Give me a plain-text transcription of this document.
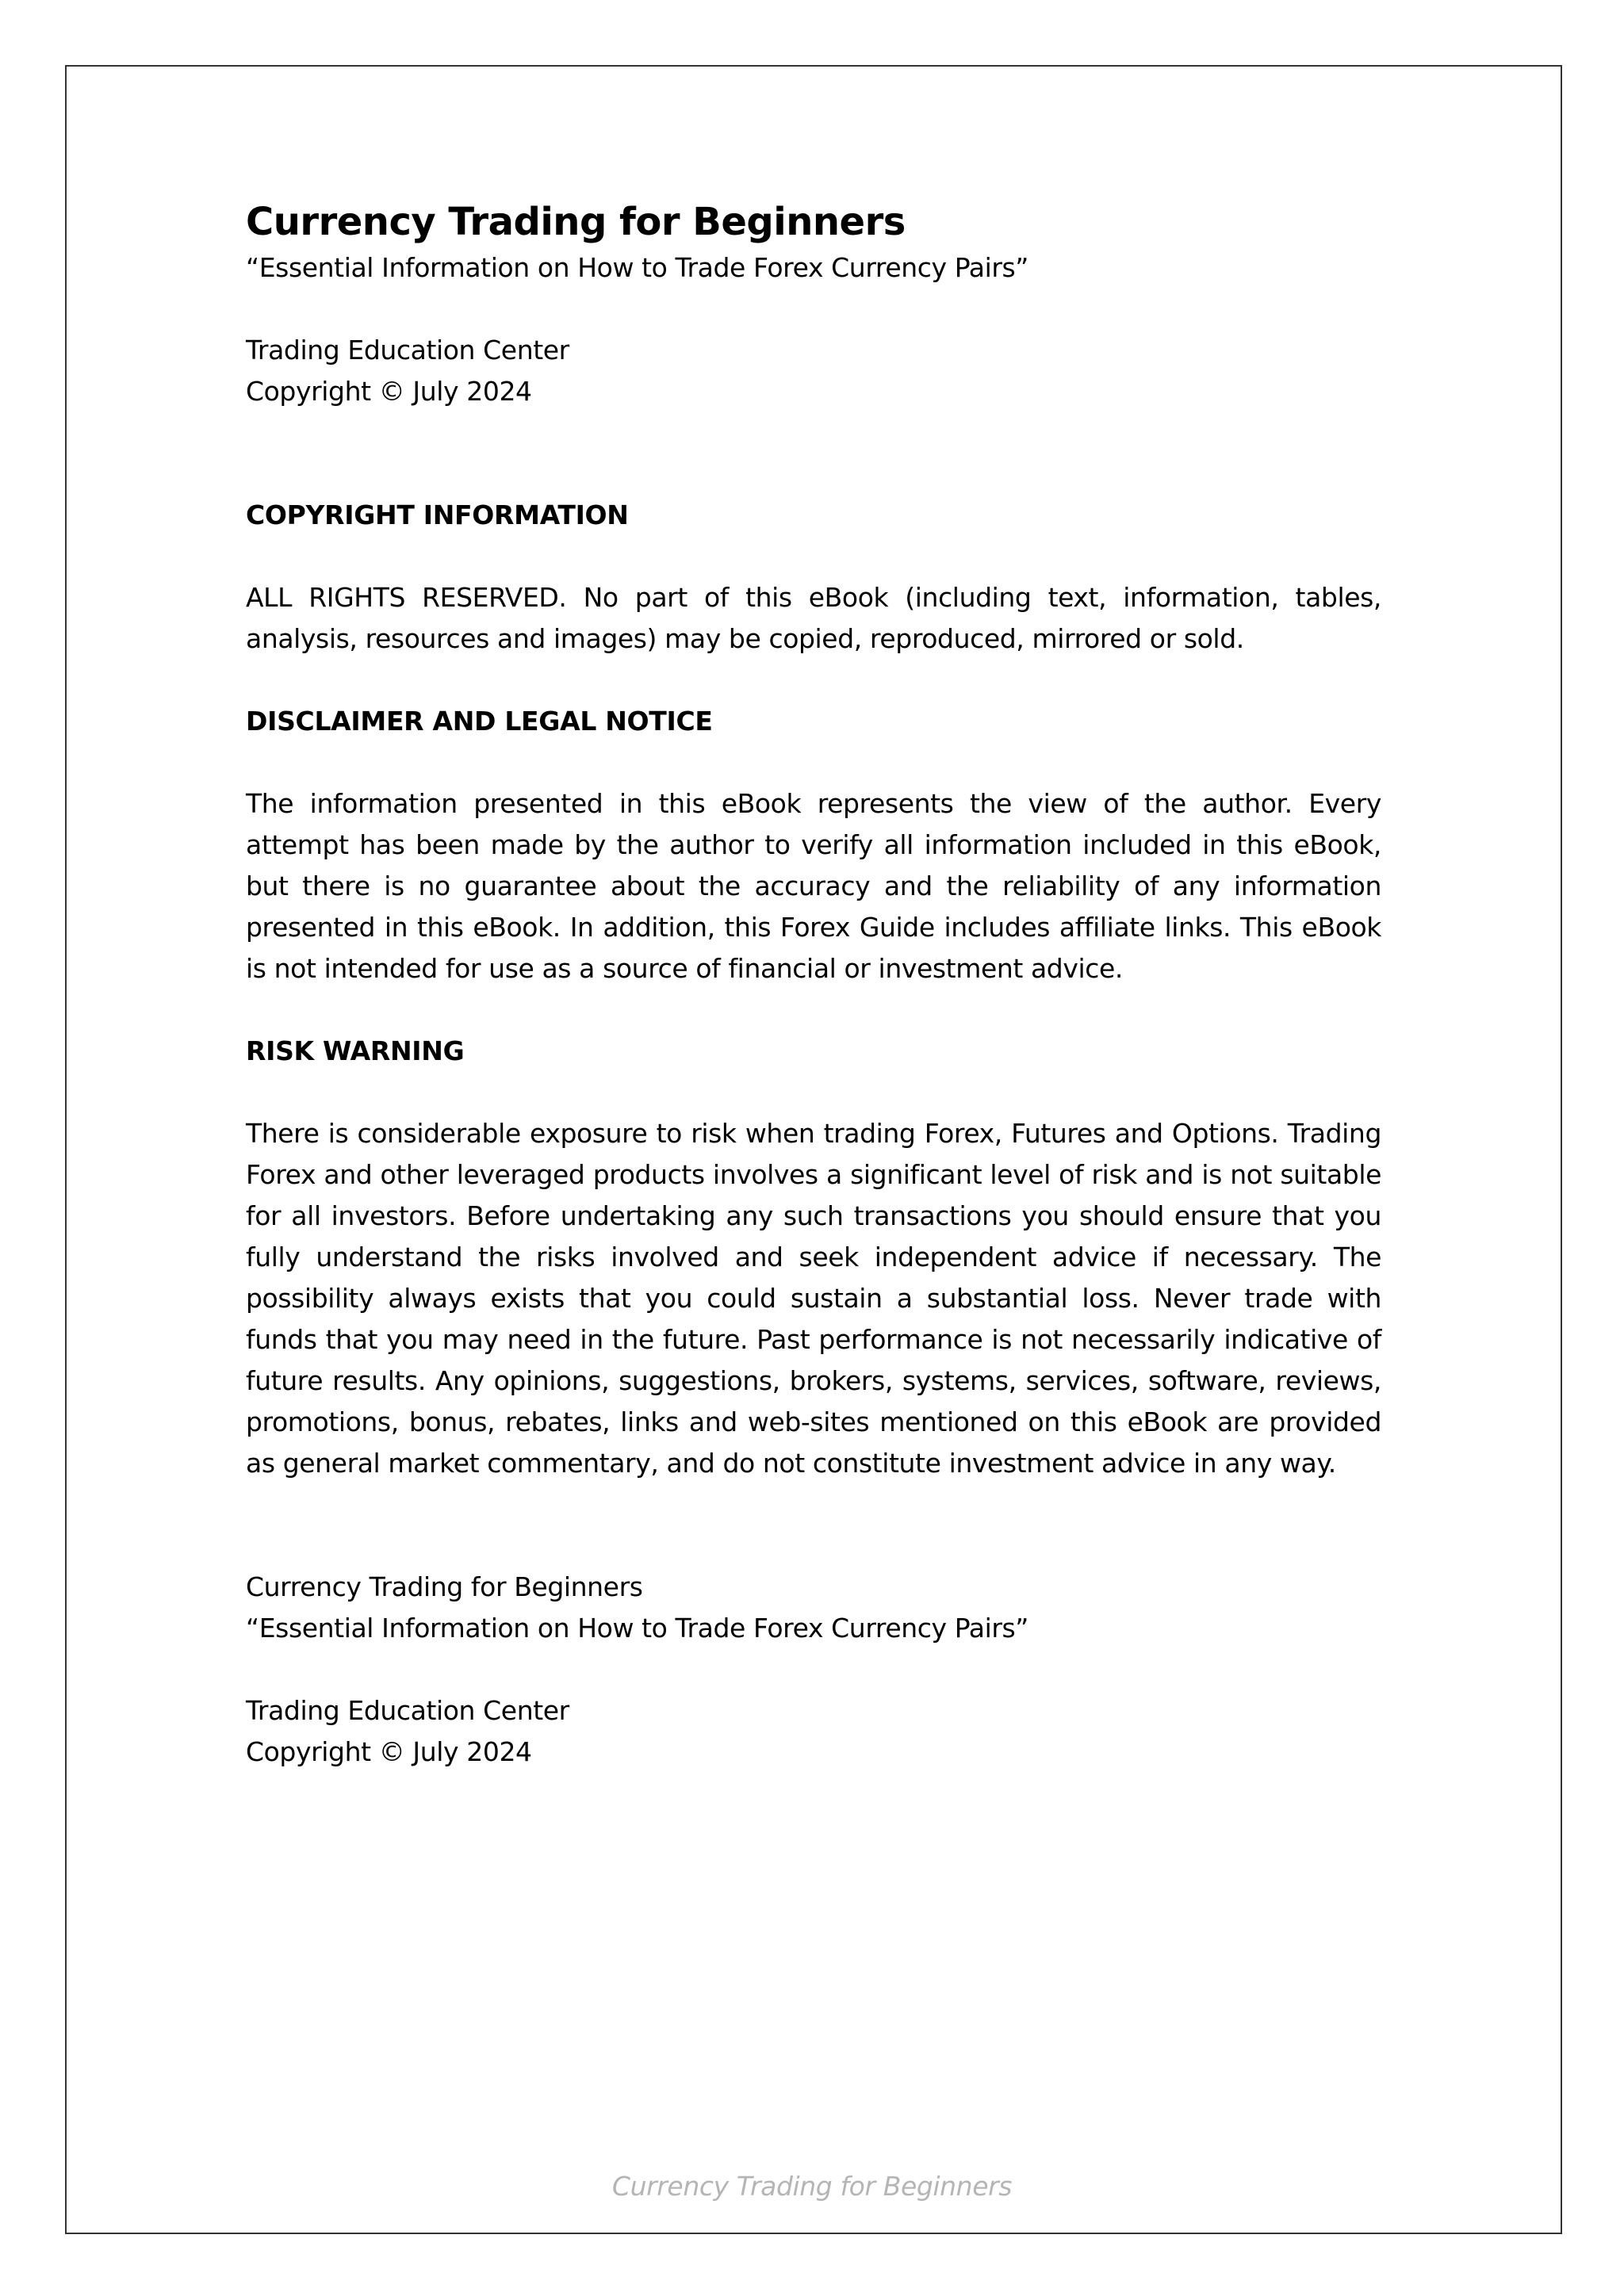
Currency Trading for Beginners

“Essential Information on How to Trade Forex Currency Pairs”

Trading Education Center

Copyright © July 2024

COPYRIGHT INFORMATION

ALL RIGHTS RESERVED. No part of this eBook (including text, information, tables, analysis, resources and images) may be copied, reproduced, mirrored or sold.

DISCLAIMER AND LEGAL NOTICE

The information presented in this eBook represents the view of the author. Every attempt has been made by the author to verify all information included in this eBook, but there is no guarantee about the accuracy and the reliability of any information presented in this eBook. In addition, this Forex Guide includes affiliate links. This eBook is not intended for use as a source of financial or investment advice.

RISK WARNING

There is considerable exposure to risk when trading Forex, Futures and Options. Trading Forex and other leveraged products involves a significant level of risk and is not suitable for all investors. Before undertaking any such transactions you should ensure that you fully understand the risks involved and seek independent advice if necessary. The possibility always exists that you could sustain a substantial loss. Never trade with funds that you may need in the future. Past performance is not necessarily indicative of future results. Any opinions, suggestions, brokers, systems, services, software, reviews, promotions, bonus, rebates, links and web-sites mentioned on this eBook are provided as general market commentary, and do not constitute investment advice in any way.

Currency Trading for Beginners

“Essential Information on How to Trade Forex Currency Pairs”

Trading Education Center

Copyright © July 2024

Currency Trading for Beginners
